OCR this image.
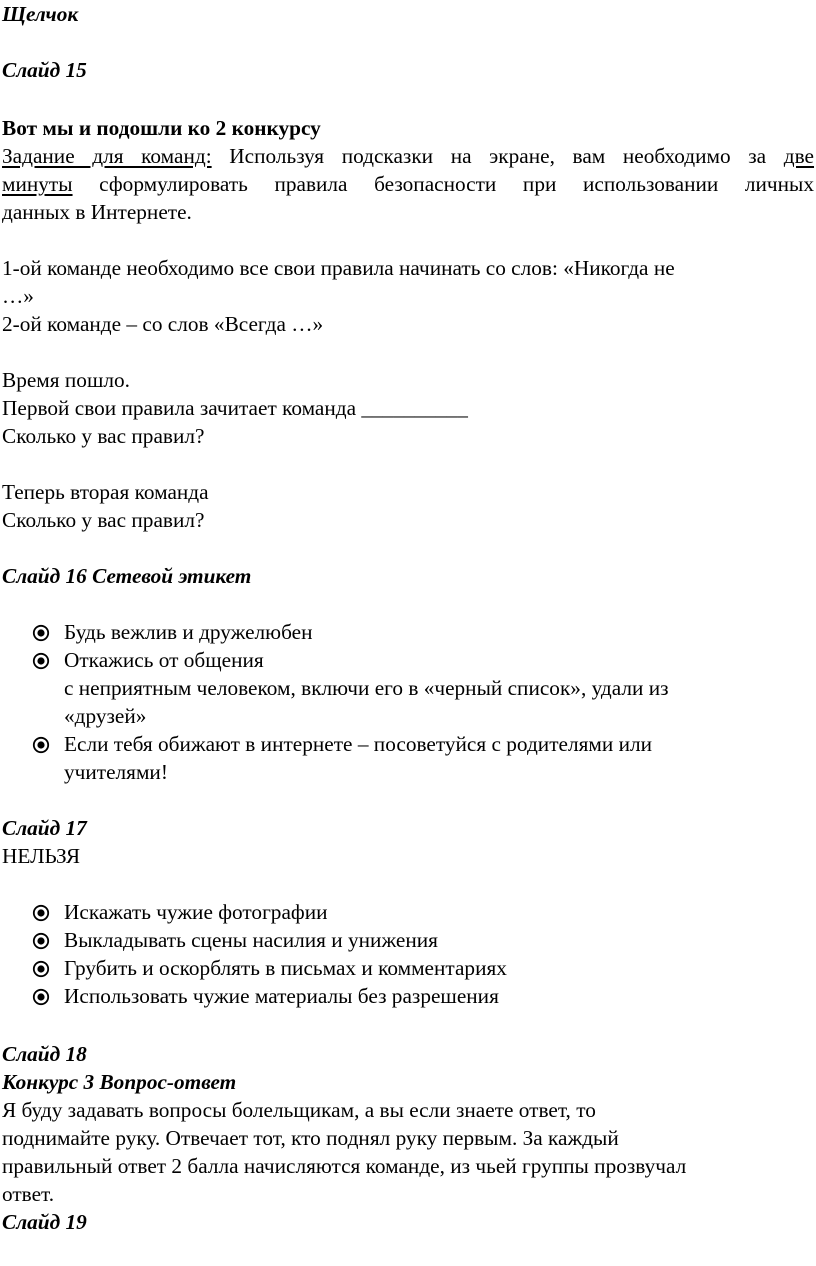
Щелчок
Слайд 15
Вот мы и подошли ко 2 конкурсу
Задание для команд: Используя подсказки на экране, вам необходимо за две
минуты сформулировать правила безопасности при использовании личных
данных в Интернете.
1-ой команде необходимо все свои правила начинать со слов: «Никогда не
…»
2-ой команде – со слов «Всегда …»
Время пошло.
Первой свои правила зачитает команда __________
Сколько у вас правил?
Теперь вторая команда
Сколько у вас правил?
Слайд 16 Сетевой этикет
Будь вежлив и дружелюбен
Откажись от общения
с неприятным человеком, включи его в «черный список», удали из
«друзей»
Если тебя обижают в интернете – посоветуйся с родителями или
учителями!
Слайд 17
НЕЛЬЗЯ
Искажать чужие фотографии
Выкладывать сцены насилия и унижения
Грубить и оскорблять в письмах и комментариях
Использовать чужие материалы без разрешения
Слайд 18
Конкурс 3 Вопрос-ответ
Я буду задавать вопросы болельщикам, а вы если знаете ответ, то
поднимайте руку. Отвечает тот, кто поднял руку первым. За каждый
правильный ответ 2 балла начисляются команде, из чьей группы прозвучал
ответ.
Слайд 19
